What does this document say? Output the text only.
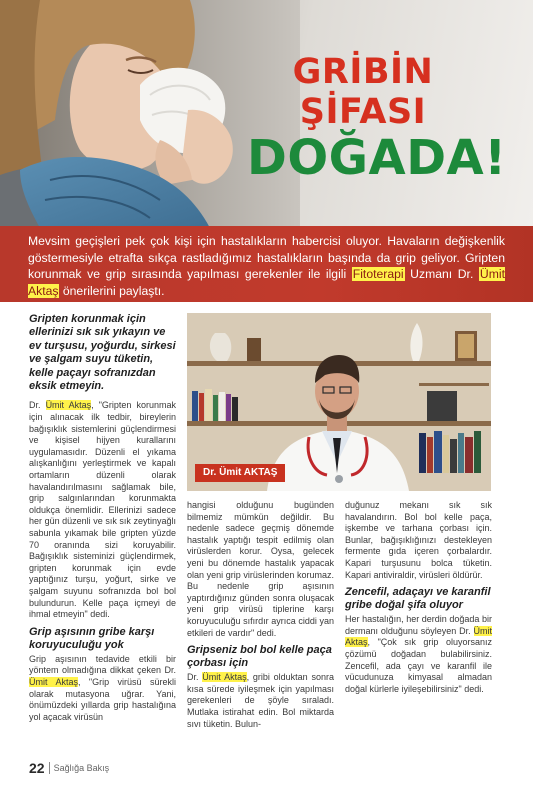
GRİBİN ŞİFASI
DOĞADA!

Mevsim geçişleri pek çok kişi için hastalıkların habercisi oluyor. Havaların değişkenlik göstermesiyle etrafta sıkça rastladığımız hastalıkların başında da grip geliyor. Gripten korunmak ve grip sırasında yapılması gerekenler ile ilgili Fitoterapi Uzmanı Dr. Ümit Aktaş önerilerini paylaştı.

Gripten korunmak için ellerinizi sık sık yıkayın ve ev turşusu, yoğurdu, sirkesi ve şalgam suyu tüketin, kelle paçayı sofranızdan eksik etmeyin.

Dr. Ümit Aktaş, "Gripten korunmak için alınacak ilk tedbir, bireylerin bağışıklık sistemlerini güçlendirmesi ve kişisel hijyen kurallarını uygulamasıdır. Düzenli el yıkama alışkanlığını yerleştirmek ve kapalı ortamların düzenli olarak havalandırılmasını sağlamak bile, grip salgınlarından korunmakta oldukça önemlidir. Ellerinizi sadece her gün düzenli ve sık sık zeytinyağlı sabunla yıkamak bile gripten yüzde 70 oranında sizi koruyabilir. Bağışıklık sisteminizi güçlendirmek, gripten korunmak için evde yaptığınız turşu, yoğurt, sirke ve şalgam suyunu sofranızda bol bol bulundurun. Kelle paça içmeyi de ihmal etmeyin" dedi.

Grip aşısının gribe karşı koruyuculuğu yok

Grip aşısının tedavide etkili bir yöntem olmadığına dikkat çeken Dr. Ümit Aktaş, "Grip virüsü sürekli olarak mutasyona uğrar. Yani, önümüzdeki yıllarda grip hastalığına yol açacak virüsün

Dr. Ümit AKTAŞ

hangisi olduğunu bugünden bilmemiz mümkün değildir. Bu nedenle sadece geçmiş dönemde hastalık yaptığı tespit edilmiş olan virüslerden korur. Oysa, gelecek yeni bu dönemde hastalık yapacak olan yeni grip virüslerinden korumaz. Bu nedenle grip aşısının yaptırdığınız günden sonra oluşacak yeni grip virüsü tiplerine karşı koruyuculuğu sıfırdır ayrıca ciddi yan etkileri de vardır" dedi.

Gripseniz bol bol kelle paça çorbası için

Dr. Ümit Aktaş, gribi olduktan sonra kısa sürede iyileşmek için yapılması gerekenleri de şöyle sıraladı. Mutlaka istirahat edin. Bol miktarda sıvı tüketin. Bulun-

duğunuz mekanı sık sık havalandırın. Bol bol kelle paça, işkembe ve tarhana çorbası için. Bunlar, bağışıklığınızı destekleyen fermente gıda içeren çorbalardır. Kapari turşusunu bolca tüketin. Kapari antiviraldir, virüsleri öldürür.

Zencefil, adaçayı ve karanfil gribe doğal şifa oluyor

Her hastalığın, her derdin doğada bir dermanı olduğunu söyleyen Dr. Ümit Aktaş, "Çok sık grip oluyorsanız çözümü doğadan bulabilirsiniz. Zencefil, ada çayı ve karanfil ile vücudunuza kimyasal almadan doğal kürlerle iyileşebilirsiniz" dedi.

22 Sağlığa Bakış
